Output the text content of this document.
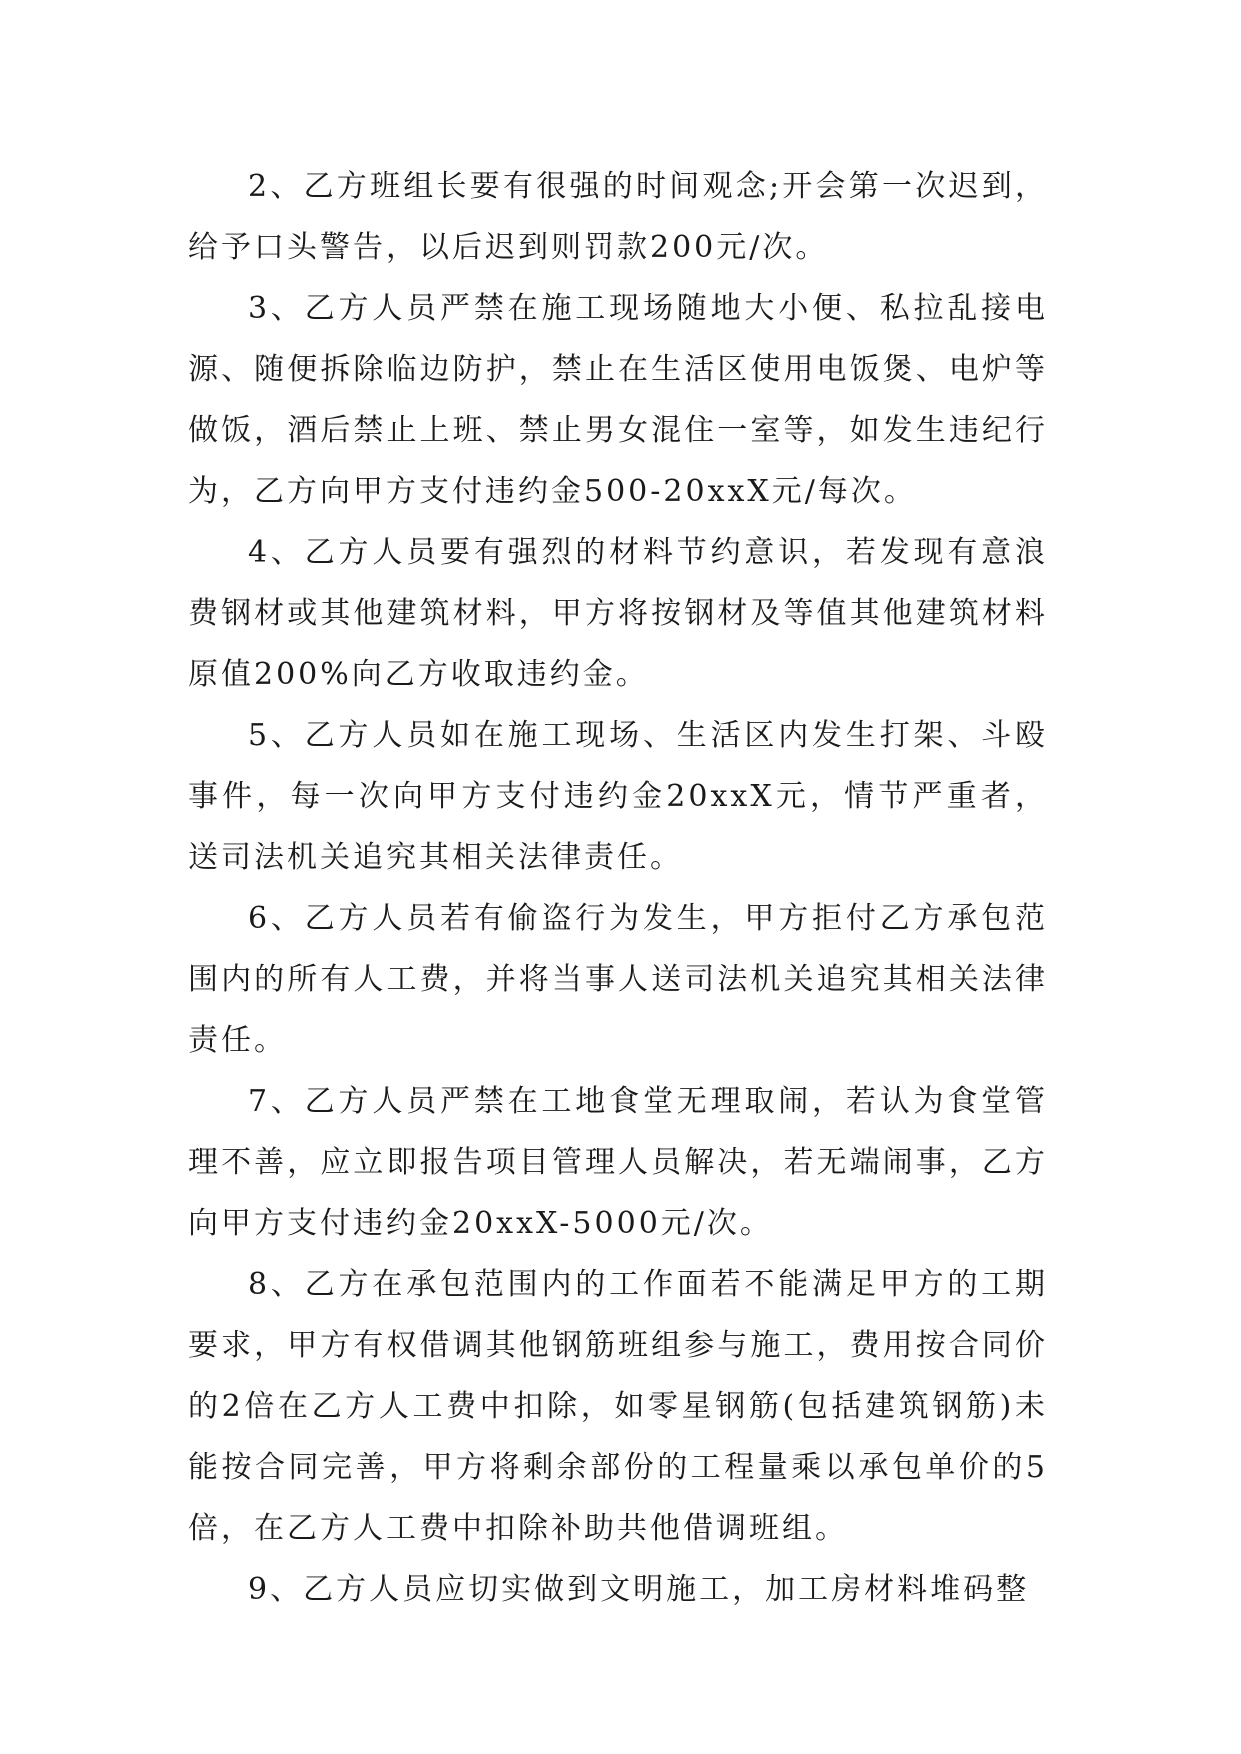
2、乙方班组长要有很强的时间观念;开会第一次迟到，给予口头警告，以后迟到则罚款200元/次。

3、乙方人员严禁在施工现场随地大小便、私拉乱接电源、随便拆除临边防护，禁止在生活区使用电饭煲、电炉等做饭，酒后禁止上班、禁止男女混住一室等，如发生违纪行为，乙方向甲方支付违约金500-20xxX元/每次。

4、乙方人员要有强烈的材料节约意识，若发现有意浪费钢材或其他建筑材料，甲方将按钢材及等值其他建筑材料原值200%向乙方收取违约金。

5、乙方人员如在施工现场、生活区内发生打架、斗殴事件，每一次向甲方支付违约金20xxX元，情节严重者，送司法机关追究其相关法律责任。

6、乙方人员若有偷盗行为发生，甲方拒付乙方承包范围内的所有人工费，并将当事人送司法机关追究其相关法律责任。

7、乙方人员严禁在工地食堂无理取闹，若认为食堂管理不善，应立即报告项目管理人员解决，若无端闹事，乙方向甲方支付违约金20xxX-5000元/次。

8、乙方在承包范围内的工作面若不能满足甲方的工期要求，甲方有权借调其他钢筋班组参与施工，费用按合同价的2倍在乙方人工费中扣除，如零星钢筋(包括建筑钢筋)未能按合同完善，甲方将剩余部份的工程量乘以承包单价的5倍，在乙方人工费中扣除补助共他借调班组。

9、乙方人员应切实做到文明施工，加工房材料堆码整
